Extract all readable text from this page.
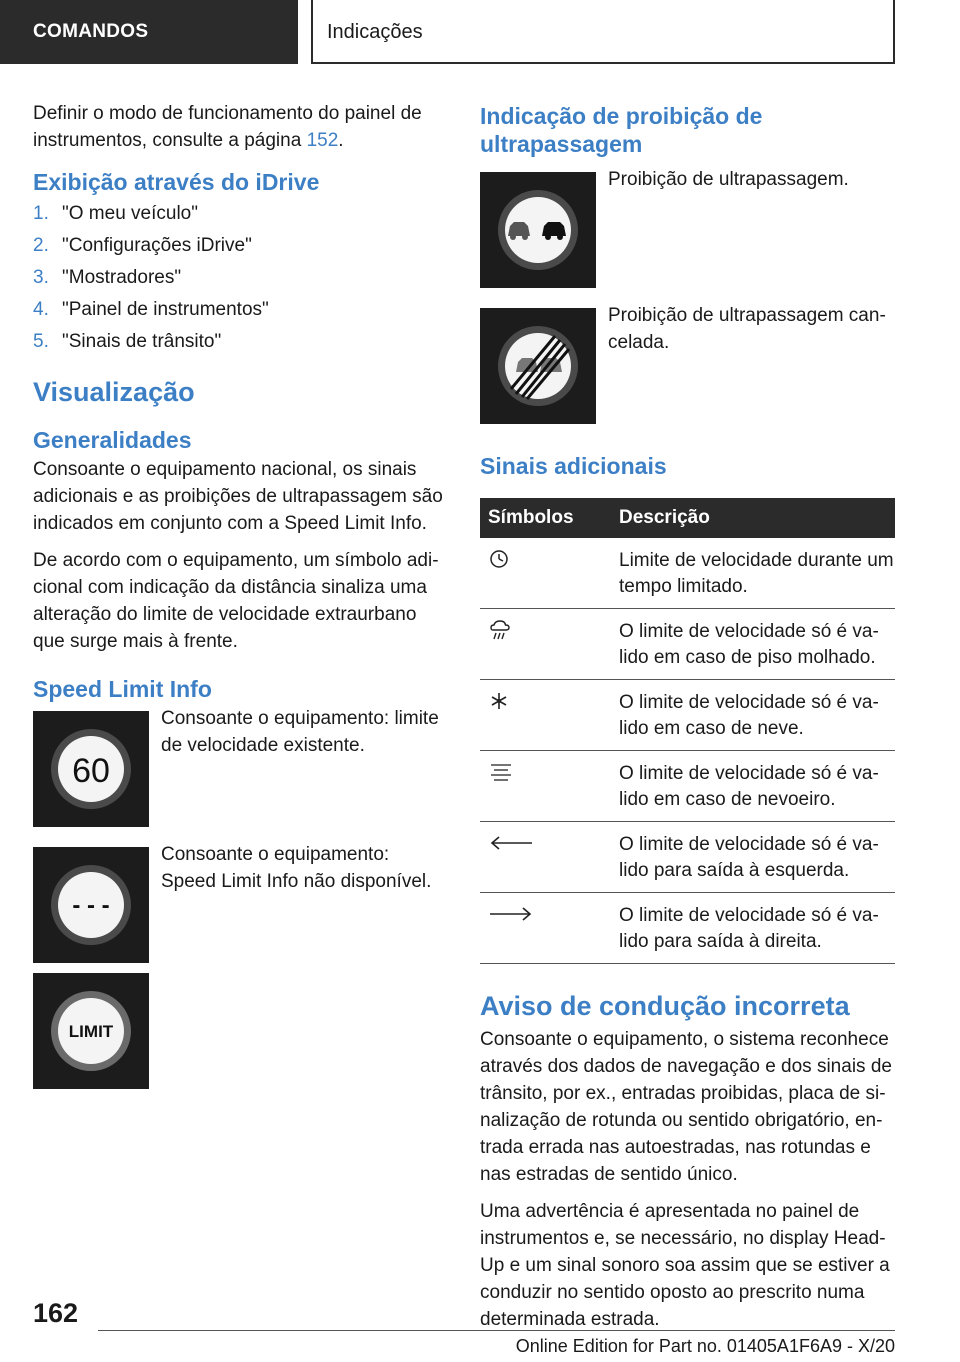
COMANDOS	Indicações

Definir o modo de funcionamento do painel de instrumentos, consulte a página 152.

Exibição através do iDrive
1. "O meu veículo"
2. "Configurações iDrive"
3. "Mostradores"
4. "Painel de instrumentos"
5. "Sinais de trânsito"
Visualização
Generalidades

Consoante o equipamento nacional, os sinais adicionais e as proibições de ultrapassagem são indicados em conjunto com a Speed Limit Info.

De acordo com o equipamento, um símbolo adicional com indicação da distância sinaliza uma alteração do limite de velocidade extraurbano que surge mais à frente.

Speed Limit Info
60
Consoante o equipamento: limite de velocidade existente.
- - -
Consoante o equipamento: Speed Limit Info não disponível.
LIMIT
Indicação de proibição de ultrapassagem
Proibição de ultrapassagem.
Proibição de ultrapassagem cancelada.
Sinais adicionais
Símbolos	Descrição
	Limite de velocidade durante um tempo limitado.
	O limite de velocidade só é valido em caso de piso molhado.
	O limite de velocidade só é valido em caso de neve.
	O limite de velocidade só é valido em caso de nevoeiro.
	O limite de velocidade só é valido para saída à esquerda.
	O limite de velocidade só é valido para saída à direita.
Aviso de condução incorreta

Consoante o equipamento, o sistema reconhece através dos dados de navegação e dos sinais de trânsito, por ex., entradas proibidas, placa de sinalização de rotunda ou sentido obrigatório, entrada errada nas autoestradas, nas rotundas e nas estradas de sentido único.

Uma advertência é apresentada no painel de instrumentos e, se necessário, no display Head-Up e um sinal sonoro soa assim que se estiver a conduzir no sentido oposto ao prescrito numa determinada estrada.

162
Online Edition for Part no. 01405A1F6A9 - X/20
